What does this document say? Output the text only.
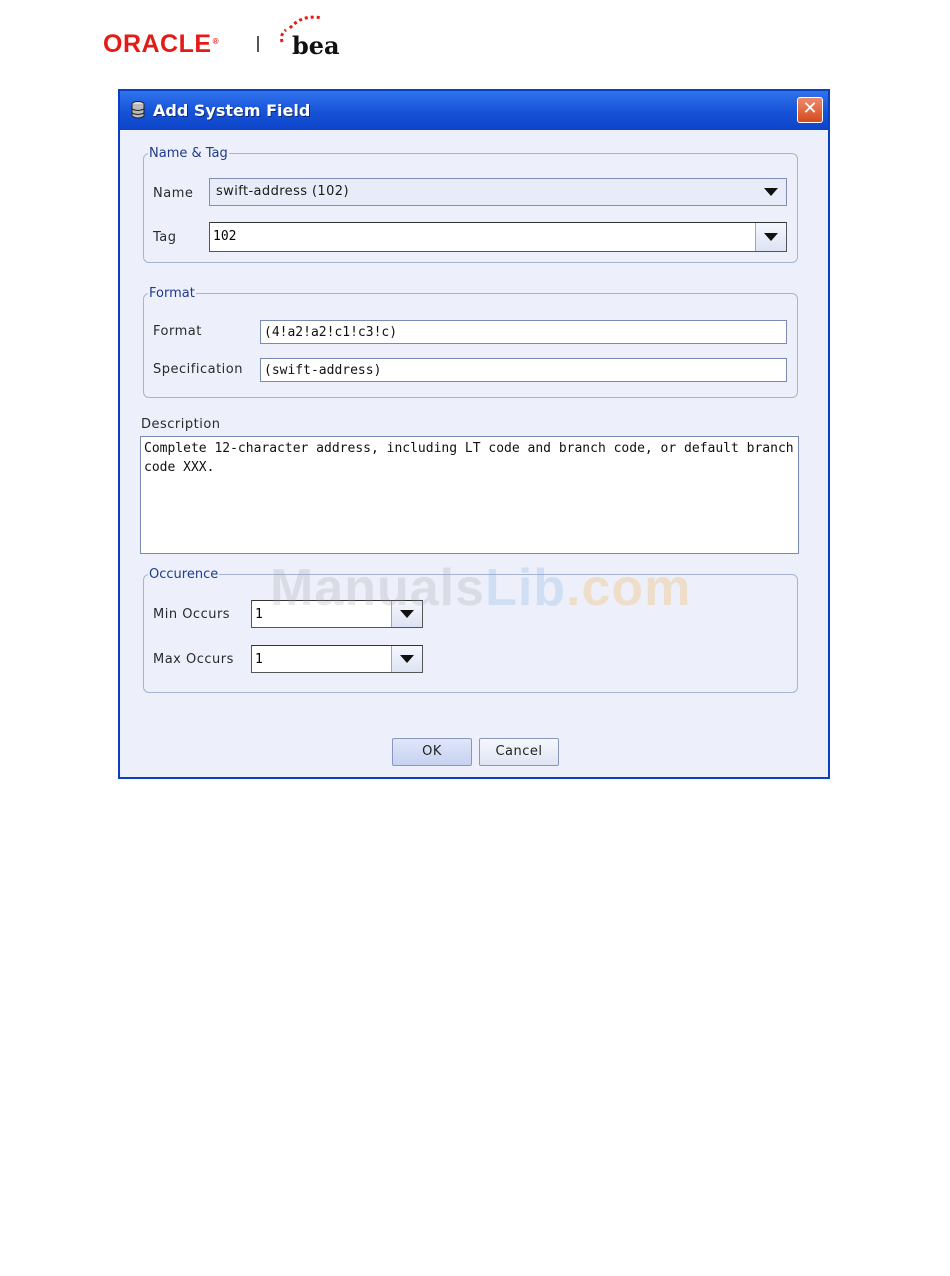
ORACLE®	bea
Add System Field	✕
Name & Tag
Name swift-address (102)
Tag
102
Format
Format
(4!a2!a2!c1!c3!c)
Specification
(swift-address)
Description
Complete 12-character address, including LT code and branch code, or default branch code XXX.
Occurence
Min Occurs
1
Max Occurs
1
OK	Cancel
ManualsLib.com
